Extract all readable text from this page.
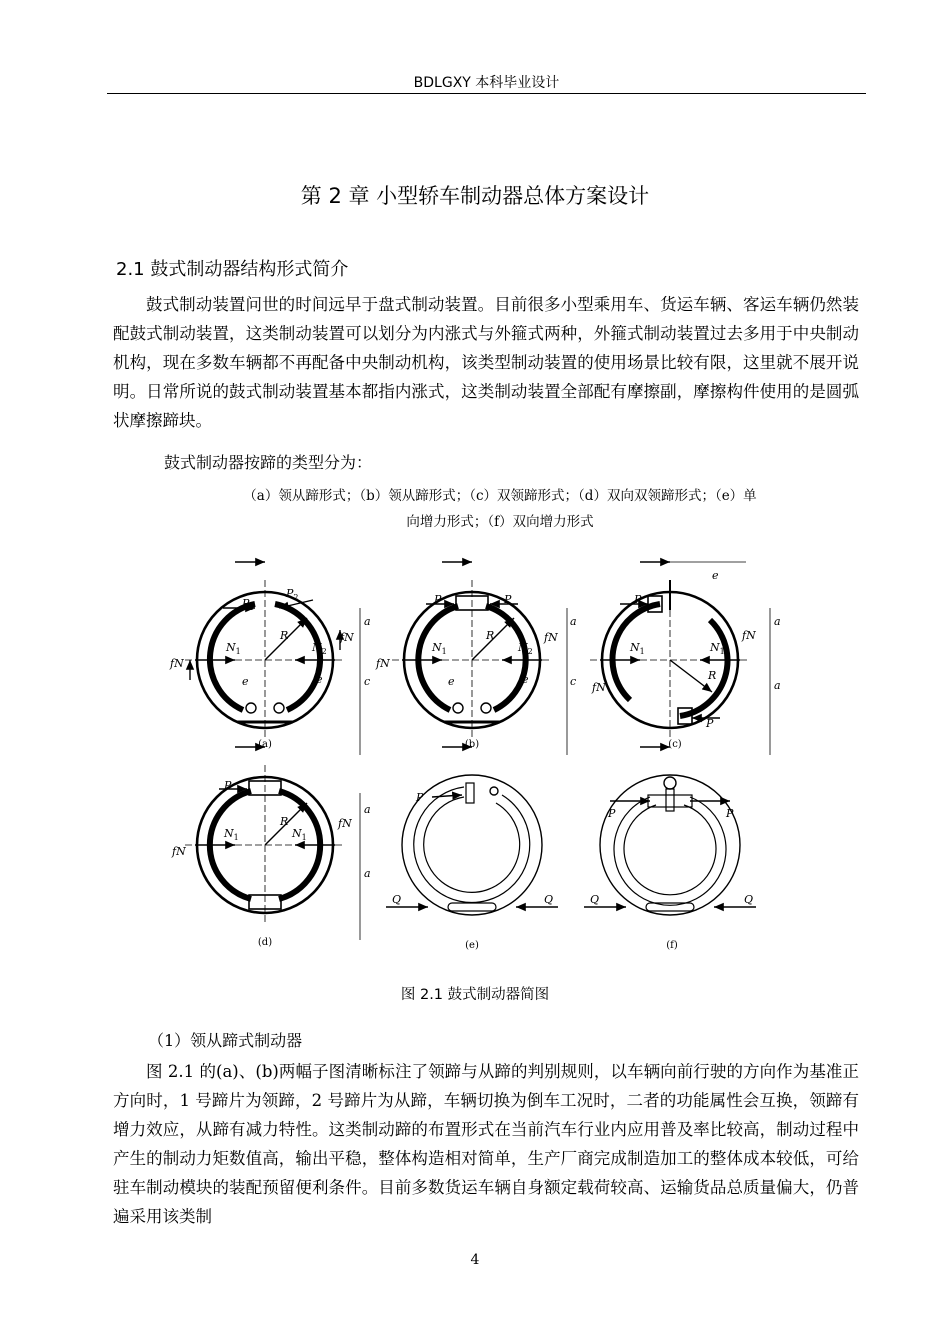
BDLGXY 本科毕业设计
第 2 章 小型轿车制动器总体方案设计
2.1 鼓式制动器结构形式简介
鼓式制动装置问世的时间远早于盘式制动装置。目前很多小型乘用车、货运车辆、客运车辆仍然装配鼓式制动装置，这类制动装置可以划分为内涨式与外箍式两种，外箍式制动装置过去多用于中央制动机构，现在多数车辆都不再配备中央制动机构，该类型制动装置的使用场景比较有限，这里就不展开说明。日常所说的鼓式制动装置基本都指内涨式，这类制动装置全部配有摩擦副，摩擦构件使用的是圆弧状摩擦蹄块。
鼓式制动器按蹄的类型分为：
（a）领从蹄形式；（b）领从蹄形式；（c）双领蹄形式；（d）双向双领蹄形式；（e）单
向增力形式；（f）双向增力形式
$P_1$
$P_2$
R
$N_1$	$N_2$
fN
fN
e	e
a
c
P	P
R
$N_1$	$N_2$
fN
fN
e	e
a
c
P
P
R
$N_1$	$N_1$
fN
fN
e
a
a
P
R
$N_1$	$N_1$
fN
fN
e
a
a
P
Q	Q
P	P
Q	Q
(a)	(b)	(c)
(d)	(e)	(f)
图 2.1 鼓式制动器简图
（1）领从蹄式制动器
图 2.1 的(a)、(b)两幅子图清晰标注了领蹄与从蹄的判别规则，以车辆向前行驶的方向作为基准正方向时，1 号蹄片为领蹄，2 号蹄片为从蹄，车辆切换为倒车工况时，二者的功能属性会互换，领蹄有增力效应，从蹄有减力特性。这类制动蹄的布置形式在当前汽车行业内应用普及率比较高，制动过程中产生的制动力矩数值高，输出平稳，整体构造相对简单，生产厂商完成制造加工的整体成本较低，可给驻车制动模块的装配预留便利条件。目前多数货运车辆自身额定载荷较高、运输货品总质量偏大，仍普遍采用该类制
4
